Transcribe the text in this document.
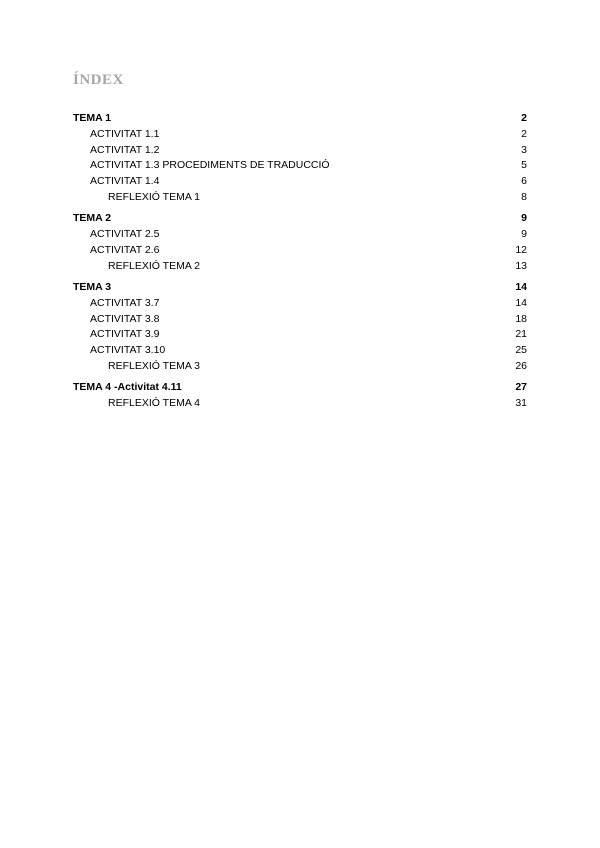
ÍNDEX
TEMA 1	2
ACTIVITAT 1.1	2
ACTIVITAT 1.2	3
ACTIVITAT 1.3 PROCEDIMENTS DE TRADUCCIÓ	5
ACTIVITAT 1.4	6
REFLEXIÓ TEMA 1	8
TEMA 2	9
ACTIVITAT 2.5	9
ACTIVITAT 2.6	12
REFLEXIÓ TEMA 2	13
TEMA 3	14
ACTIVITAT 3.7	14
ACTIVITAT 3.8	18
ACTIVITAT 3.9	21
ACTIVITAT 3.10	25
REFLEXIÓ TEMA 3	26
TEMA 4 -Activitat 4.11	27
REFLEXIÓ TEMA 4	31
